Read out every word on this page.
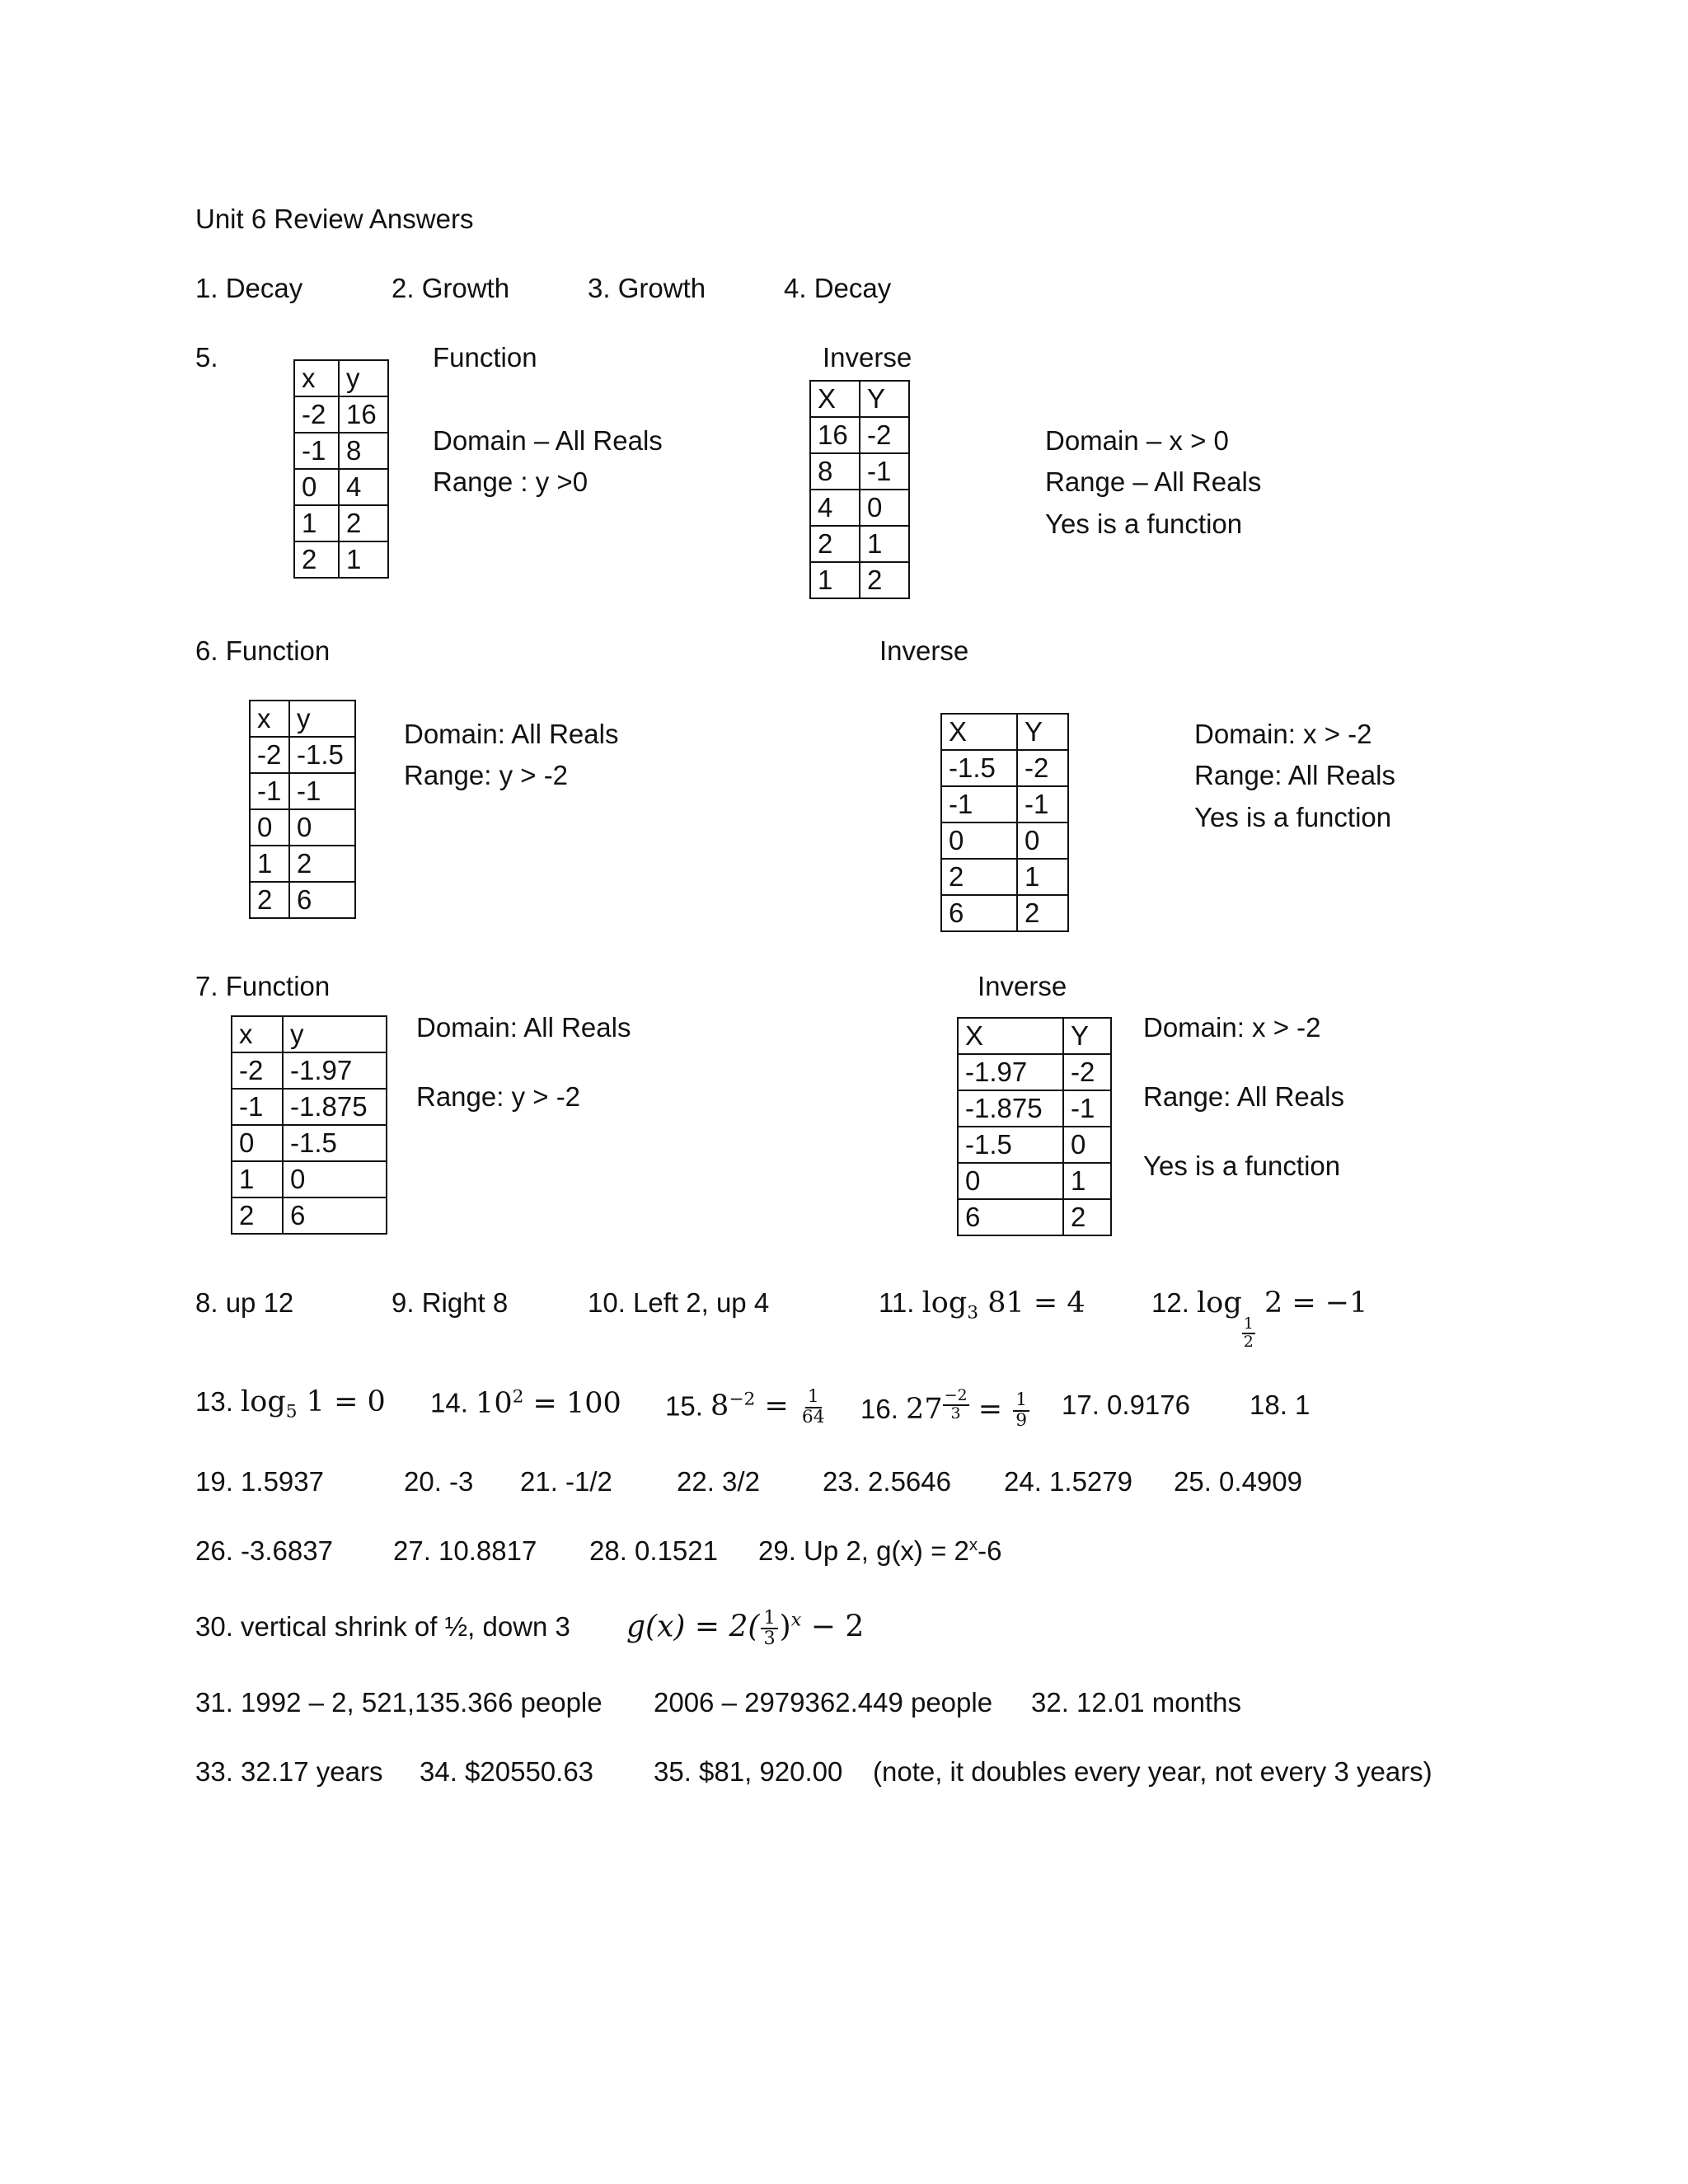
Unit 6 Review Answers
1. Decay	2. Growth	3. Growth	4. Decay
5.	Function	Inverse
x	y
-2	16
-1	8
0	4
1	2
2	1
Domain – All Reals
Range : y >0
X	Y
16	-2
8	-1
4	0
2	1
1	2
Domain – x > 0
Range – All Reals
Yes is a function
6. Function	Inverse
x	y
-2	-1.5
-1	-1
0	0
1	2
2	6
Domain: All Reals
Range: y > -2
X	Y
-1.5	-2
-1	-1
0	0
2	1
6	2
Domain: x > -2
Range: All Reals
Yes is a function
7. Function	Inverse
x	y
-2	-1.97
-1	-1.875
0	-1.5
1	0
2	6
Domain: All Reals
Range: y > -2
X	Y
-1.97	-2
-1.875	-1
-1.5	0
0	1
6	2
Domain: x > -2
Range: All Reals
Yes is a function
8. up 12	9. Right 8	10. Left 2, up 4	11. $\log_3 81 = 4$ 12. log
$\frac{1}{2}$
2 = −1
13. $\log_5 1 = 0$ 14. $10^2 = 100$ 15. $8^{-2} = \frac{1}{64} 16$. $27 \frac{-2}{3} = \frac{1}{9} 17$. 0.9176 18. 1
19. 1.5937	20. -3 21. -1/2 22. 3/2 23. 2.5646 24. 1.5279 25. 0.4909
26. -3.6837 27. 10.8817 28. 0.1521 29. Up 2, $g(x) = 2^x-6$
30. vertical shrink of ½, down 3 $g(x) = 2( \frac{1}{3} )^x - 2$
31. 1992 – 2, 521,135.366 people 2006 – 2979362.449 people 32. 12.01 months
33. 32.17 years 34. $20550.63 35. $81, 920.00 (note, it doubles every year, not every 3 years)
